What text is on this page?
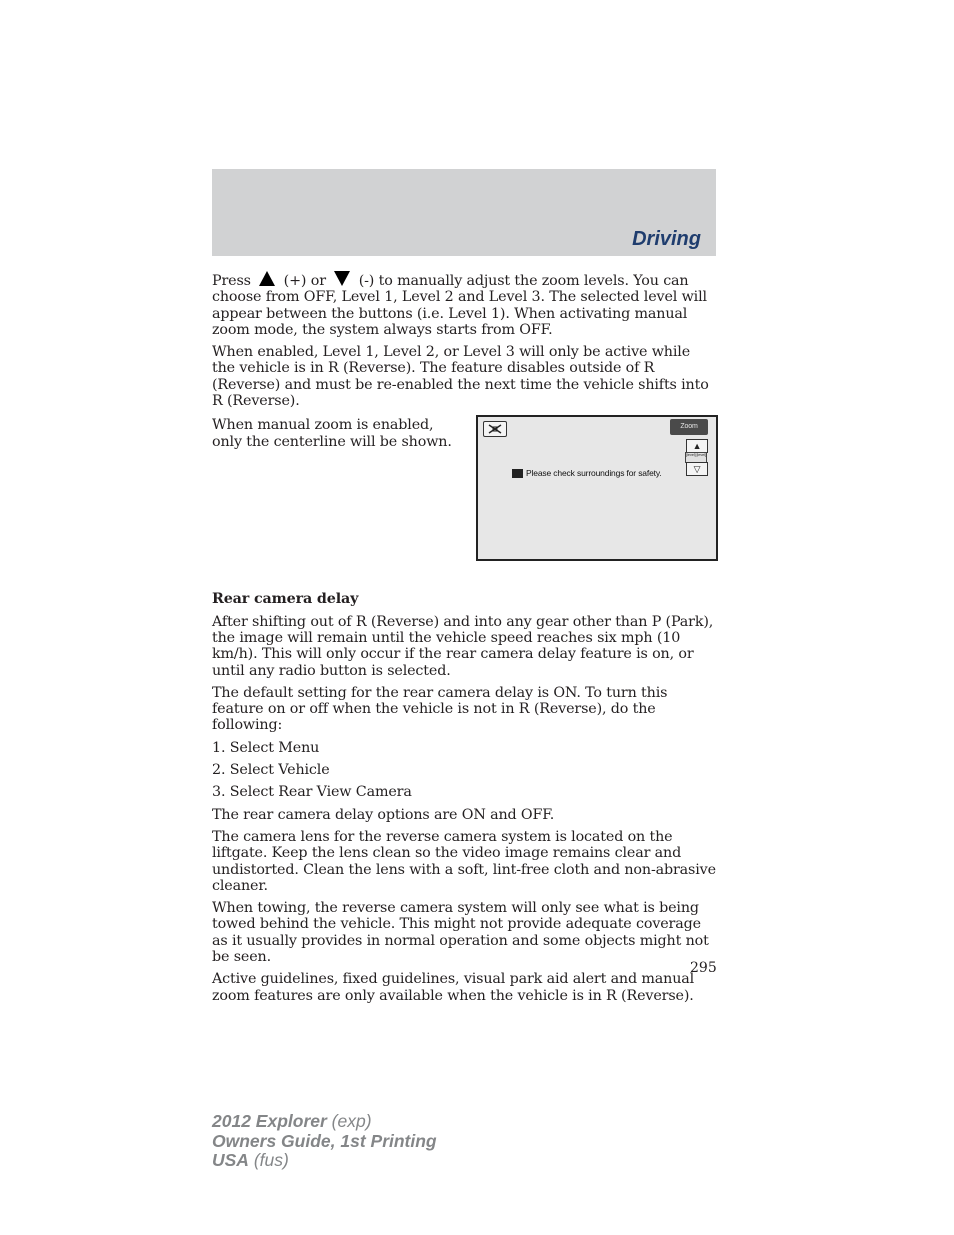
Driving

Press (+) or (-) to manually adjust the zoom levels. You can choose from OFF, Level 1, Level 2 and Level 3. The selected level will appear between the buttons (i.e. Level 1). When activating manual zoom mode, the system always starts from OFF.

When enabled, Level 1, Level 2, or Level 3 will only be active while the vehicle is in R (Reverse). The feature disables outside of R (Reverse) and must be re-enabled the next time the vehicle shifts into R (Reverse).

When manual zoom is enabled, only the centerline will be shown.

Zoom
▲
[level] [level]
▽
Please check surroundings for safety.

Rear camera delay

After shifting out of R (Reverse) and into any gear other than P (Park), the image will remain until the vehicle speed reaches six mph (10 km/h). This will only occur if the rear camera delay feature is on, or until any radio button is selected.

The default setting for the rear camera delay is ON. To turn this feature on or off when the vehicle is not in R (Reverse), do the following:

1. Select Menu

2. Select Vehicle

3. Select Rear View Camera

The rear camera delay options are ON and OFF.

The camera lens for the reverse camera system is located on the liftgate. Keep the lens clean so the video image remains clear and undistorted. Clean the lens with a soft, lint-free cloth and non-abrasive cleaner.

When towing, the reverse camera system will only see what is being towed behind the vehicle. This might not provide adequate coverage as it usually provides in normal operation and some objects might not be seen.

Active guidelines, fixed guidelines, visual park aid alert and manual zoom features are only available when the vehicle is in R (Reverse).

295
2012 Explorer (exp)
Owners Guide, 1st Printing
USA (fus)
